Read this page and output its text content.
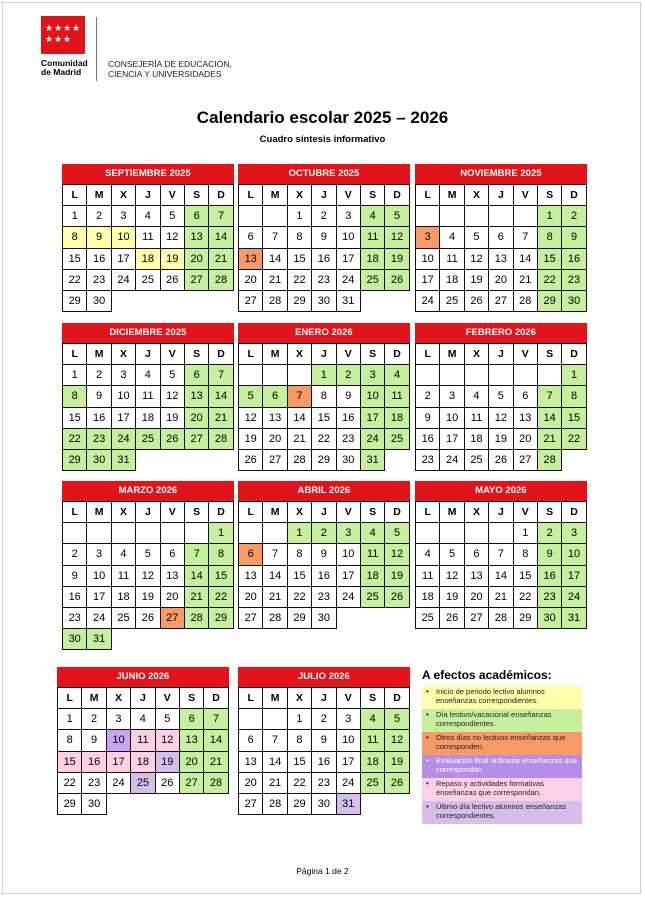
★ ★ ★ ★
★ ★ ★
Comunidad
de Madrid
CONSEJERÍA DE EDUCACIÓN,
CIENCIA Y UNIVERSIDADES
Calendario escolar 2025 – 2026
Cuadro síntesis informativo
SEPTIEMBRE 2025
L	M	X	J	V	S	D
1	2	3	4	5	6	7
8	9	10	11	12	13	14
15	16	17	18	19	20	21
22	23	24	25	26	27	28
29	30					
OCTUBRE 2025
L	M	X	J	V	S	D
		1	2	3	4	5
6	7	8	9	10	11	12
13	14	15	16	17	18	19
20	21	22	23	24	25	26
27	28	29	30	31		
NOVIEMBRE 2025
L	M	X	J	V	S	D
					1	2
3	4	5	6	7	8	9
10	11	12	13	14	15	16
17	18	19	20	21	22	23
24	25	26	27	28	29	30
DICIEMBRE 2025
L	M	X	J	V	S	D
1	2	3	4	5	6	7
8	9	10	11	12	13	14
15	16	17	18	19	20	21
22	23	24	25	26	27	28
29	30	31				
ENERO 2026
L	M	X	J	V	S	D
			1	2	3	4
5	6	7	8	9	10	11
12	13	14	15	16	17	18
19	20	21	22	23	24	25
26	27	28	29	30	31	
FEBRERO 2026
L	M	X	J	V	S	D
						1
2	3	4	5	6	7	8
9	10	11	12	13	14	15
16	17	18	19	20	21	22
23	24	25	26	27	28	
MARZO 2026
L	M	X	J	V	S	D
						1
2	3	4	5	6	7	8
9	10	11	12	13	14	15
16	17	18	19	20	21	22
23	24	25	26	27	28	29
30	31					
ABRIL 2026
L	M	X	J	V	S	D
		1	2	3	4	5
6	7	8	9	10	11	12
13	14	15	16	17	18	19
20	21	22	23	24	25	26
27	28	29	30			
MAYO 2026
L	M	X	J	V	S	D
				1	2	3
4	5	6	7	8	9	10
11	12	13	14	15	16	17
18	19	20	21	22	23	24
25	26	27	28	29	30	31
JUNIO 2026
L	M	X	J	V	S	D
1	2	3	4	5	6	7
8	9	10	11	12	13	14
15	16	17	18	19	20	21
22	23	24	25	26	27	28
29	30					
JULIO 2026
L	M	X	J	V	S	D
		1	2	3	4	5
6	7	8	9	10	11	12
13	14	15	16	17	18	19
20	21	22	23	24	25	26
27	28	29	30	31		
A efectos académicos:
• Inicio de periodo lectivo alumnos enseñanzas correspondientes.
• Día festivo/vacacional enseñanzas correspondientes.
• Otros días no lectivos enseñanzas que corresponden.
• Evaluación final ordinaria enseñanzas que correspondan.
• Repaso y actividades formativas enseñanzas que correspondan.
• Último día lectivo alumnos enseñanzas correspondientes.
Página 1 de 2
